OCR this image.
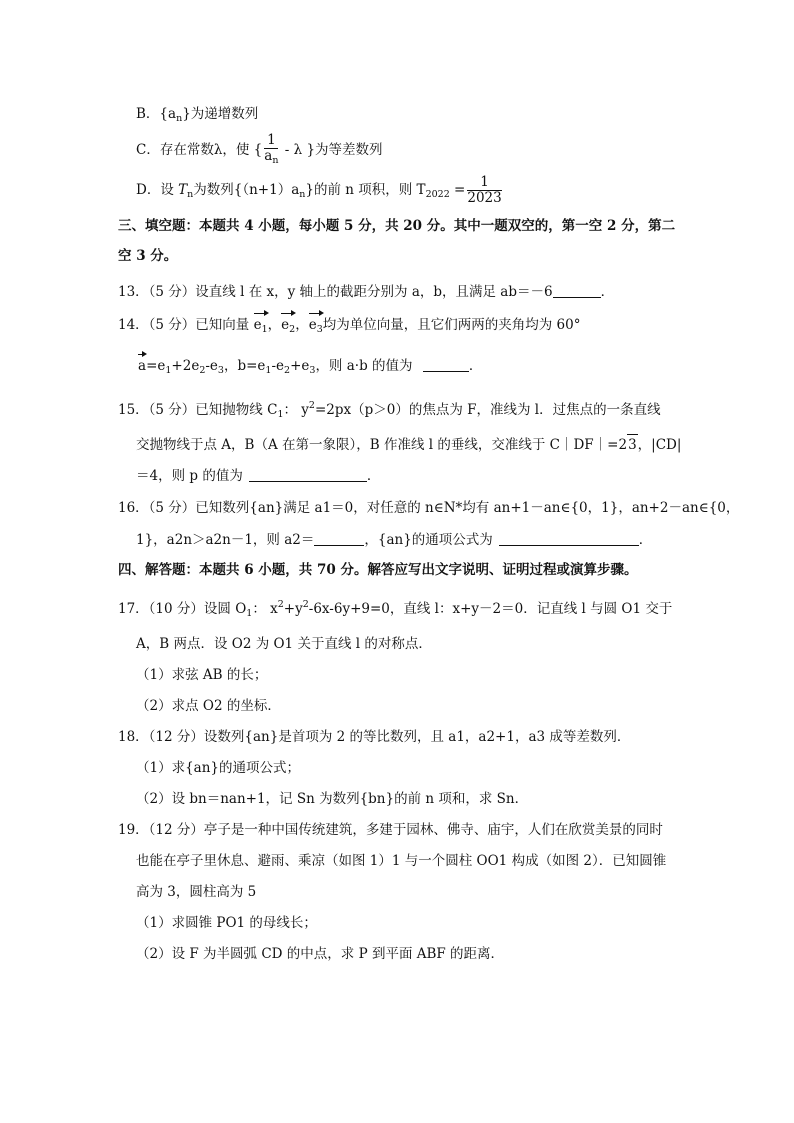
B．$\{a_n\}$为递增数列
C．存在常数λ，使 { $\frac{1}{a_n}$ - λ }为等差数列
D．设 $T_n$为数列$\{(n+1)a_n\}$的前 n 项积，则 $T_{2022} = \frac{1}{2023}$
三、填空题：本题共 4 小题，每小题 5 分，共 20 分。其中一题双空的，第一空 2 分，第二
空 3 分。
13．（5 分）设直线 l 在 x，y 轴上的截距分别为 a，b，且满足 ab＝－6	．
14．（5 分）已知向量 $e_1$，$e_2$，$e_3$均为单位向量，且它们两两的夹角均为 60°
$a=e_1+2e_2-e_3$，$b=e_1-e_2+e_3$，则 a·b 的值为	．
15．（5 分）已知抛物线 $C_1$： $y^2=2px(p>0)$的焦点为 F，准线为 l．过焦点的一条直线
交抛物线于点 A，B（A 在第一象限），B 作准线 l 的垂线，交准线于 C｜DF｜=23，|CD|
＝4，则 p 的值为	．
16．（5 分）已知数列{an}满足 a1＝0，对任意的 n∈N*均有 an+1－an∈{0，1}，an+2－an∈{0，
1}，a2n＞a2n－1，则 a2＝	，{an}的通项公式为	．
四、解答题：本题共 6 小题，共 70 分。解答应写出文字说明、证明过程或演算步骤。
17．（10 分）设圆 $O_1$： $x^2+y^2-6x-6y+9=0$，直线 l：x+y－2＝0．记直线 l 与圆 O1 交于
A，B 两点．设 O2 为 O1 关于直线 l 的对称点．
（1）求弦 AB 的长；
（2）求点 O2 的坐标．
18．（12 分）设数列{an}是首项为 2 的等比数列，且 a1，a2+1，a3 成等差数列．
（1）求{an}的通项公式；
（2）设 bn＝nan+1，记 Sn 为数列{bn}的前 n 项和，求 Sn．
19．（12 分）亭子是一种中国传统建筑，多建于园林、佛寺、庙宇，人们在欣赏美景的同时
也能在亭子里休息、避雨、乘凉（如图 1）1 与一个圆柱 OO1 构成（如图 2）．已知圆锥
高为 3，圆柱高为 5
（1）求圆锥 PO1 的母线长；
（2）设 F 为半圆弧 CD 的中点，求 P 到平面 ABF 的距离．
